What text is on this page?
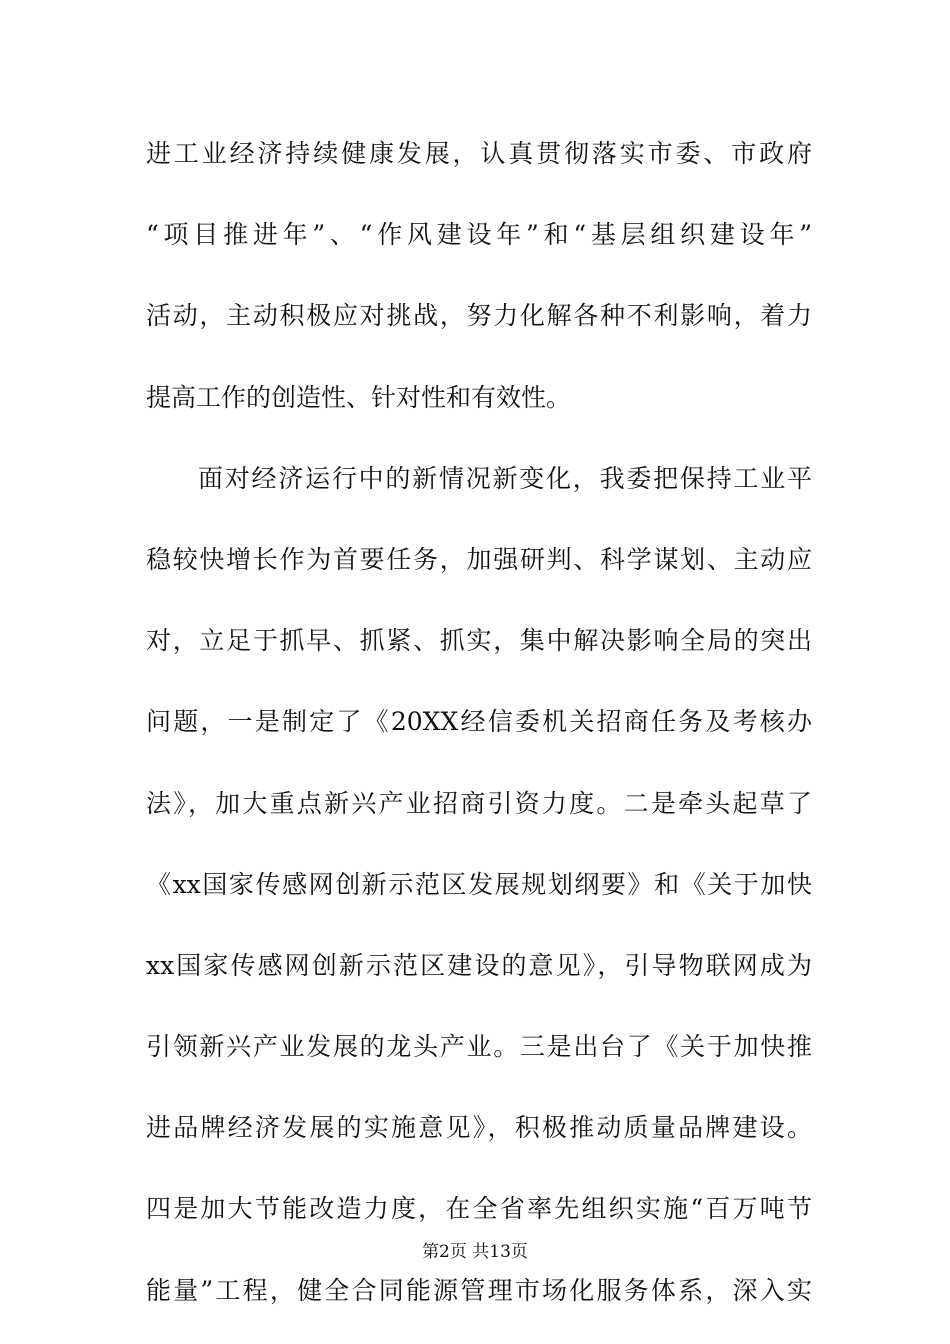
进工业经济持续健康发展，认真贯彻落实市委、市政府
“项目推进年”、“作风建设年”和“基层组织建设年”
活动，主动积极应对挑战，努力化解各种不利影响，着力
提高工作的创造性、针对性和有效性。
面对经济运行中的新情况新变化，我委把保持工业平
稳较快增长作为首要任务，加强研判、科学谋划、主动应
对，立足于抓早、抓紧、抓实，集中解决影响全局的突出
问题，一是制定了《20XX经信委机关招商任务及考核办
法》，加大重点新兴产业招商引资力度。二是牵头起草了
《xx国家传感网创新示范区发展规划纲要》和《关于加快
xx国家传感网创新示范区建设的意见》，引导物联网成为
引领新兴产业发展的龙头产业。三是出台了《关于加快推
进品牌经济发展的实施意见》，积极推动质量品牌建设。
四是加大节能改造力度，在全省率先组织实施“百万吨节
能量”工程，健全合同能源管理市场化服务体系，深入实
第2页 共13页
